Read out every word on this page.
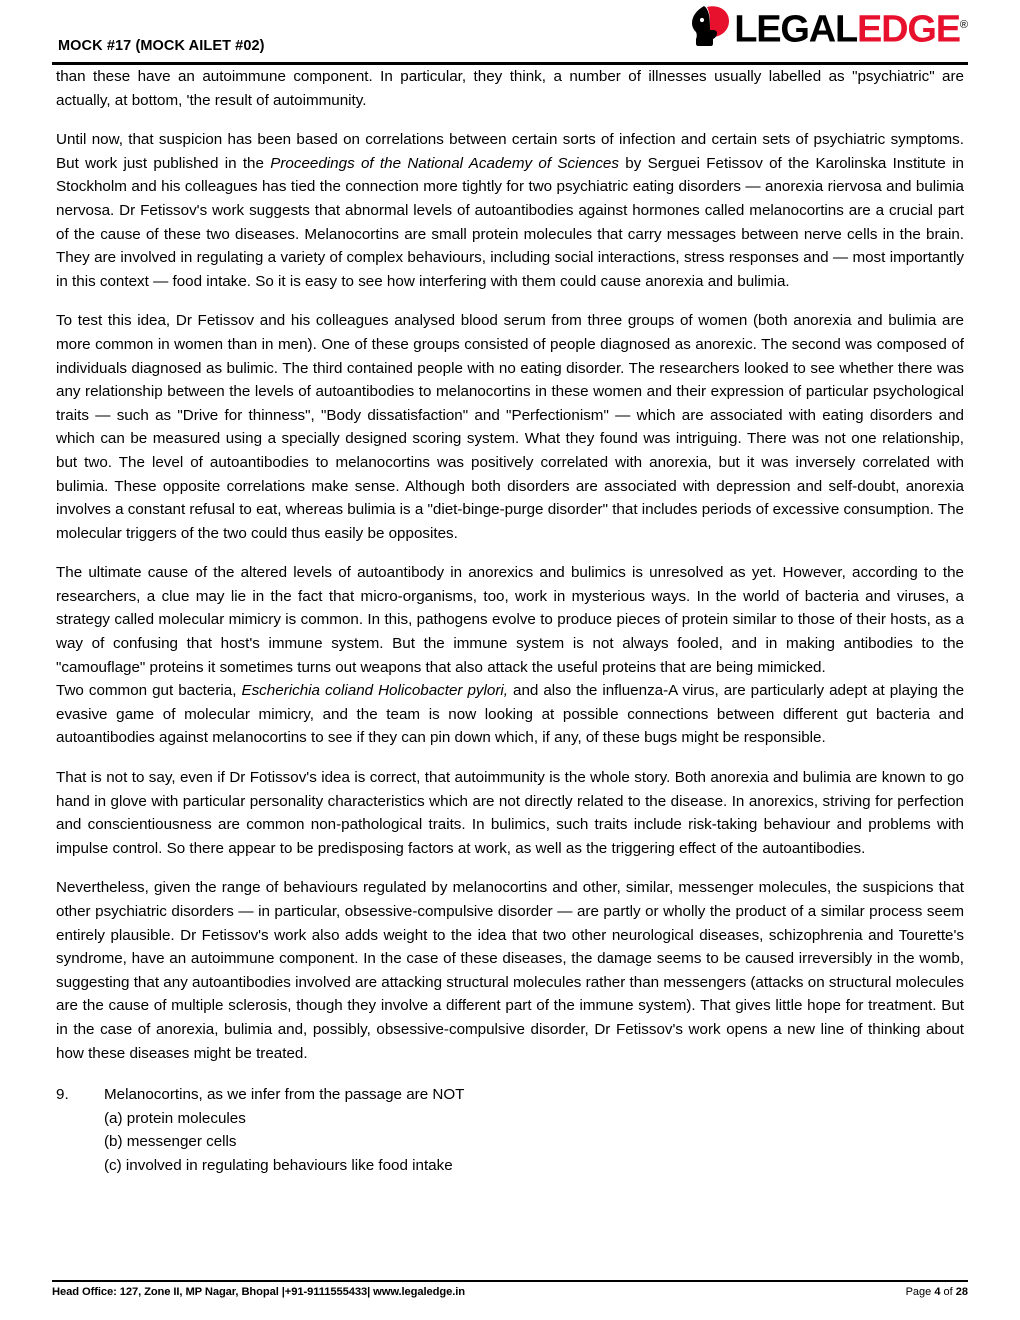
MOCK #17 (MOCK AILET #02)	LEGALEDGE®

than these have an autoimmune component. In particular, they think, a number of illnesses usually labelled as "psychiatric" are actually, at bottom, 'the result of autoimmunity.

Until now, that suspicion has been based on correlations between certain sorts of infection and certain sets of psychiatric symptoms. But work just published in the Proceedings of the National Academy of Sciences by Serguei Fetissov of the Karolinska Institute in Stockholm and his colleagues has tied the connection more tightly for two psychiatric eating disorders — anorexia riervosa and bulimia nervosa. Dr Fetissov's work suggests that abnormal levels of autoantibodies against hormones called melanocortins are a crucial part of the cause of these two diseases. Melanocortins are small protein molecules that carry messages between nerve cells in the brain. They are involved in regulating a variety of complex behaviours, including social interactions, stress responses and — most importantly in this context — food intake. So it is easy to see how interfering with them could cause anorexia and bulimia.

To test this idea, Dr Fetissov and his colleagues analysed blood serum from three groups of women (both anorexia and bulimia are more common in women than in men). One of these groups consisted of people diagnosed as anorexic. The second was composed of individuals diagnosed as bulimic. The third contained people with no eating disorder. The researchers looked to see whether there was any relationship between the levels of autoantibodies to melanocortins in these women and their expression of particular psychological traits — such as "Drive for thinness", "Body dissatisfaction" and "Perfectionism" — which are associated with eating disorders and which can be measured using a specially designed scoring system. What they found was intriguing. There was not one relationship, but two. The level of autoantibodies to melanocortins was positively correlated with anorexia, but it was inversely correlated with bulimia. These opposite correlations make sense. Although both disorders are associated with depression and self-doubt, anorexia involves a constant refusal to eat, whereas bulimia is a "diet-binge-purge disorder" that includes periods of excessive consumption. The molecular triggers of the two could thus easily be opposites.

The ultimate cause of the altered levels of autoantibody in anorexics and bulimics is unresolved as yet. However, according to the researchers, a clue may lie in the fact that micro-organisms, too, work in mysterious ways. In the world of bacteria and viruses, a strategy called molecular mimicry is common. In this, pathogens evolve to produce pieces of protein similar to those of their hosts, as a way of confusing that host's immune system. But the immune system is not always fooled, and in making antibodies to the "camouflage" proteins it sometimes turns out weapons that also attack the useful proteins that are being mimicked.

Two common gut bacteria, Escherichia coliand Holicobacter pylori, and also the influenza-A virus, are particularly adept at playing the evasive game of molecular mimicry, and the team is now looking at possible connections between different gut bacteria and autoantibodies against melanocortins to see if they can pin down which, if any, of these bugs might be responsible.

That is not to say, even if Dr Fotissov's idea is correct, that autoimmunity is the whole story. Both anorexia and bulimia are known to go hand in glove with particular personality characteristics which are not directly related to the disease. In anorexics, striving for perfection and conscientiousness are common non-pathological traits. In bulimics, such traits include risk-taking behaviour and problems with impulse control. So there appear to be predisposing factors at work, as well as the triggering effect of the autoantibodies.

Nevertheless, given the range of behaviours regulated by melanocortins and other, similar, messenger molecules, the suspicions that other psychiatric disorders — in particular, obsessive-compulsive disorder — are partly or wholly the product of a similar process seem entirely plausible. Dr Fetissov's work also adds weight to the idea that two other neurological diseases, schizophrenia and Tourette's syndrome, have an autoimmune component. In the case of these diseases, the damage seems to be caused irreversibly in the womb, suggesting that any autoantibodies involved are attacking structural molecules rather than messengers (attacks on structural molecules are the cause of multiple sclerosis, though they involve a different part of the immune system). That gives little hope for treatment. But in the case of anorexia, bulimia and, possibly, obsessive-compulsive disorder, Dr Fetissov's work opens a new line of thinking about how these diseases might be treated.

9.	Melanocortins, as we infer from the passage are NOT
(a) protein molecules
(b) messenger cells
(c) involved in regulating behaviours like food intake
Head Office: 127, Zone II, MP Nagar, Bhopal |+91-9111555433| www.legaledge.in	Page 4 of 28
